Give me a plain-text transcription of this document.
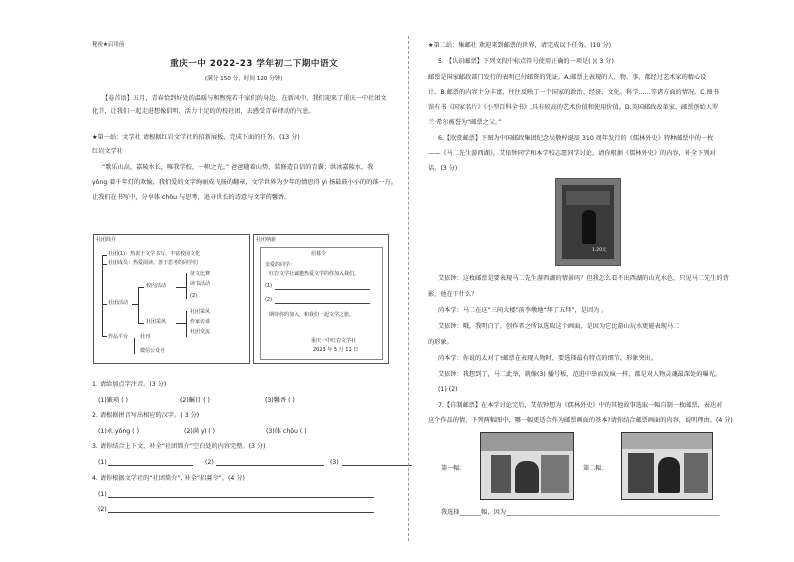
秘密★启用前
重庆一中 2022-23 学年初二下期中语文
(满分 150 分，时间 120 分钟)
【卷首语】五月，青春恰到好处的温暖与和煦宛若千家们的身边。在新风中，我们迎来了重庆一中社团文
化节，让我们一起走进想像倡明、活力十足的的校社团，去感受青春律动的气息。
★第一站：文学社 请根据红岩文学社的招新展板，完成下面的任务。(13 分)
红岩文学社
“歌乐山高，嘉陵水长，唯我学校，一帜之光。” 爸爸随着山势，装修造自信的青囊；洪冰嘉陵水，我
yōng 着千年灯的欢愉，我们爱的文字绚丽成飞扬的翻章，文学世界为少年的情思得 yì 扬最鼓小小的的落一方。
让我们在书写中，分享体 chōu 与思考，追寻世长的诗意与文字的馨香。
社团简介
社团(1)：热衷于文学书写、丰富校园文化
社团成员：热爱阅读、善于思考的同学们
社团活动
校内活动
社团采风
征文比赛
读书活动
(2)
社团采风
作家访谈
社团交流
作品平台 杜刊
微信公众号
社团纳新
招募令
亲爱的同学：
红岩文学社诚邀热爱文学的你加入我们。
(1)
(2)
期待你的加入，和我们一起文学之旅。
重庆一中红岩文学社
2023 年 5 月 11 日
1. 请给加点字注音。(3 分)
(1)繁琐 ( )	(2)瞩目 ( )	(3)馨香 ( )
2. 请根据拼音写出相应的汉字。( 3 分)
(1)永 yōng ( )	(2)满 yì ( )	(3)体 chōu ( )
3. 请你结合上下文，补全“社团简介”空白处的内容完整。(3 分)
(1)	(2)	(3)
4. 请你根据文学社的“社团简介”, 补全“招募令”。(4 分)
(1)
(2)
★第二站：集邮社 欢迎来到邮票的世界，请完成以下任务。(10 分)
5. 【认识邮票】下列文段中标点符号使用正确的一项是( )( 3 分)
邮票是国家邮政部门发行的表明已付邮资的凭证。A.邮票上表现的人、物、事，都经过艺术家的精心设
计。B.邮票的内容十分丰富，往往反映了一个国家的政治、经济、文化、科学……等诸方面的情况。C.图书
馆有书《国家名片》《小型百科全书》,具有较高的艺术价值和使用价值。D.英国邮政改革家、邮票创始人罗
兰·希尔被誉为“邮票之父。”
6.【欣赏邮票】下图为中国邮政集团纪念吴敬梓诞辰 310 周年发行的《儒林外史》特种邮票中的一枚
——《马二先生游西湖》。艾依钟同学和本学校志愿同学讨论，请你根据《儒林外史》的内容，补全下列对
话。(3 分)
1.20元
艾依钟：这枚邮票是要表现马二先生游西湖的情景吗？但我怎么看不出西湖的山光水色，只见马二先生的背
影，他在干什么？
尚本学：马二在这“三间大楼”前李墩地“拜了五拜”，是因为 。
艾依钟：哦，我明白了，创作者之所以选取这个画面，是因为它比游山玩水更能表现马二
的形象。
尚本学：你说的太对了!邮票在表现人物时，要选择最有特点的细节，形象突出。
艾依钟：我想到了，马二此举，就像(3) 播号板，范进中举而发疯一样，都是对人物灵魂最深处的曝光。
(1) (2)
7.【自制邮票】在本学讨论完后，艾依钟想为《儒林外史》中的其他故事选取一幅自制一枚邮票，表达对
这个作品的情，下列两幅图中，哪一幅更适合作为邮票画面的基本?请你结合邮票画面的内容，说明理由。(4 分)
第一幅：	第二幅：
我选择_______幅，因为_____________________________________________________________________
